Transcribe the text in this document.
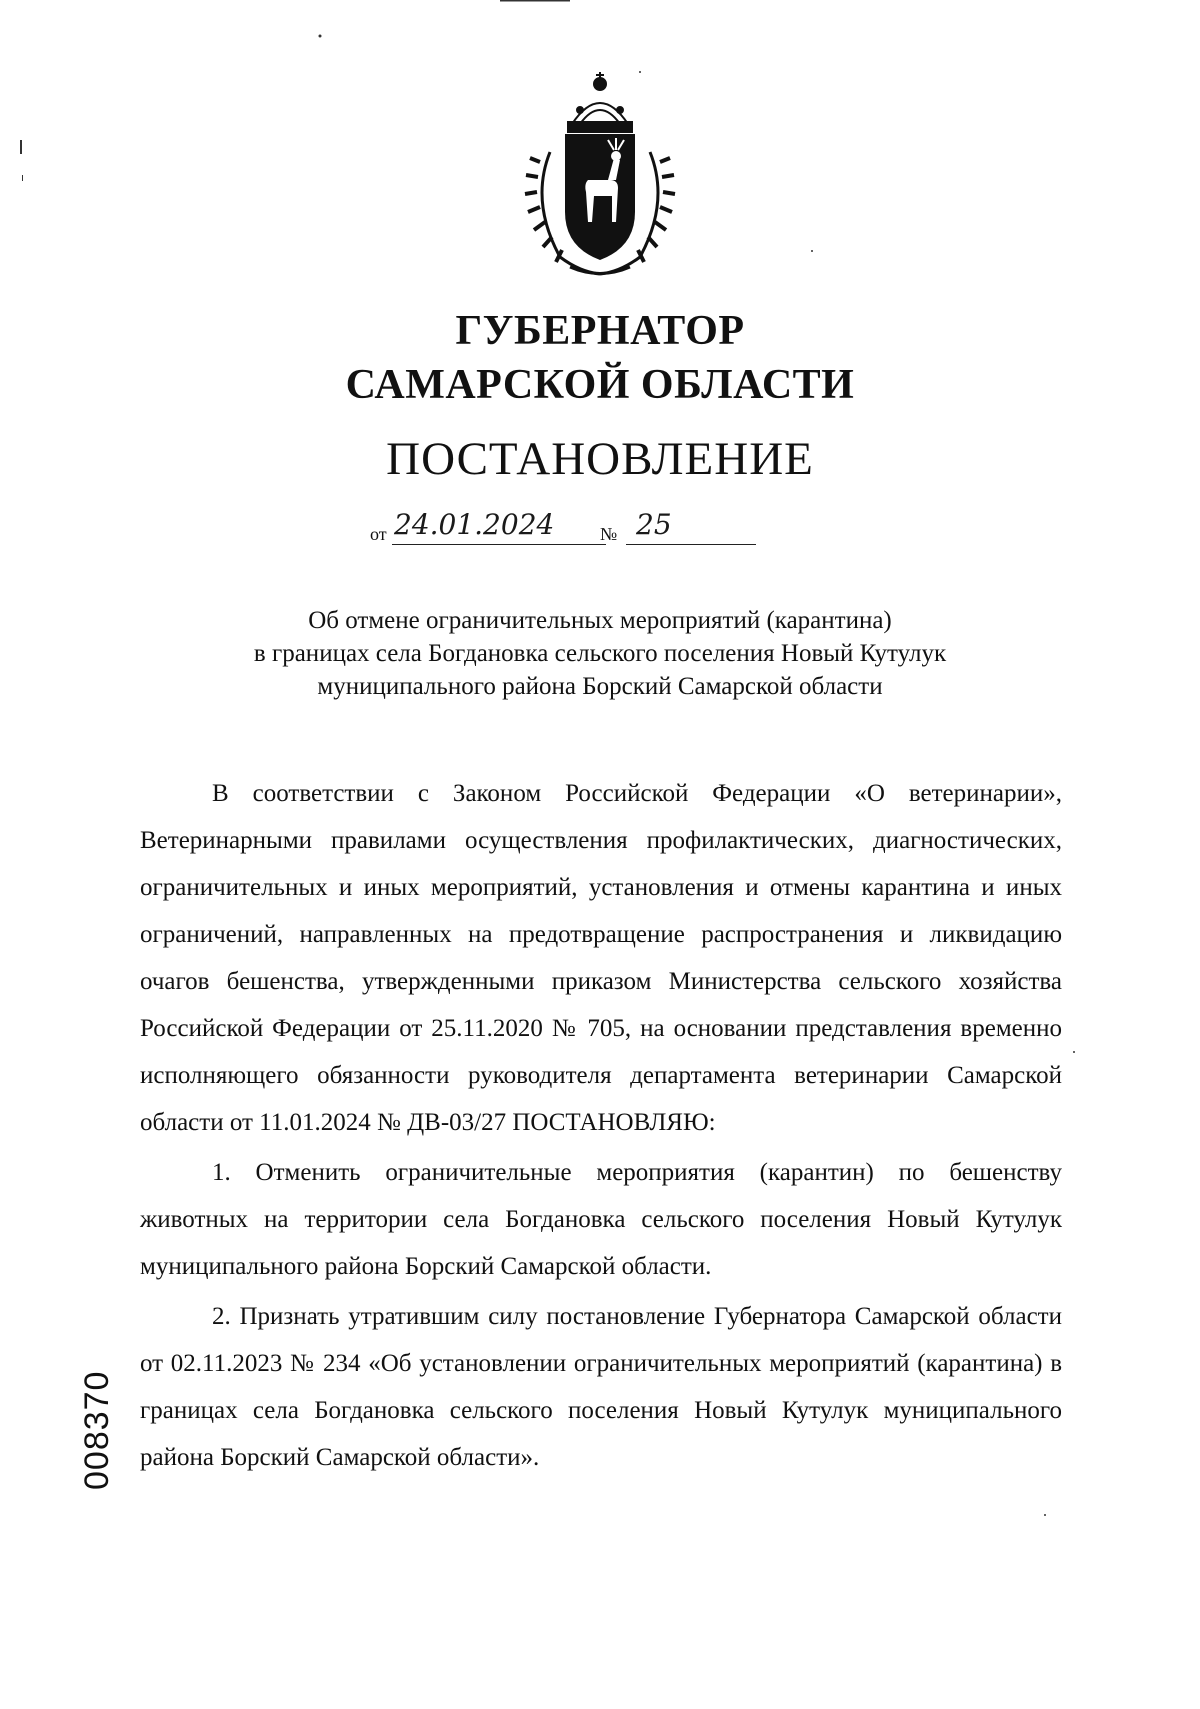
ГУБЕРНАТОР
САМАРСКОЙ ОБЛАСТИ
ПОСТАНОВЛЕНИЕ
от 24.01.2024	№ 25
Об отмене ограничительных мероприятий (карантина)
в границах села Богдановка сельского поселения Новый Кутулук
муниципального района Борский Самарской области

В соответствии с Законом Российской Федерации «О ветеринарии», Ветеринарными правилами осуществления профилактических, диагностических, ограничительных и иных мероприятий, установления и отмены карантина и иных ограничений, направленных на предотвращение распространения и ликвидацию очагов бешенства, утвержденными приказом Министерства сельского хозяйства Российской Федерации от 25.11.2020 № 705, на основании представления временно исполняющего обязанности руководителя департамента ветеринарии Самарской области от 11.01.2024 № ДВ-03/27 ПОСТАНОВЛЯЮ:

1. Отменить ограничительные мероприятия (карантин) по бешенству животных на территории села Богдановка сельского поселения Новый Кутулук муниципального района Борский Самарской области.

2. Признать утратившим силу постановление Губернатора Самарской области от 02.11.2023 № 234 «Об установлении ограничительных мероприятий (карантина) в границах села Богдановка сельского поселения Новый Кутулук муниципального района Борский Самарской области».

008370
